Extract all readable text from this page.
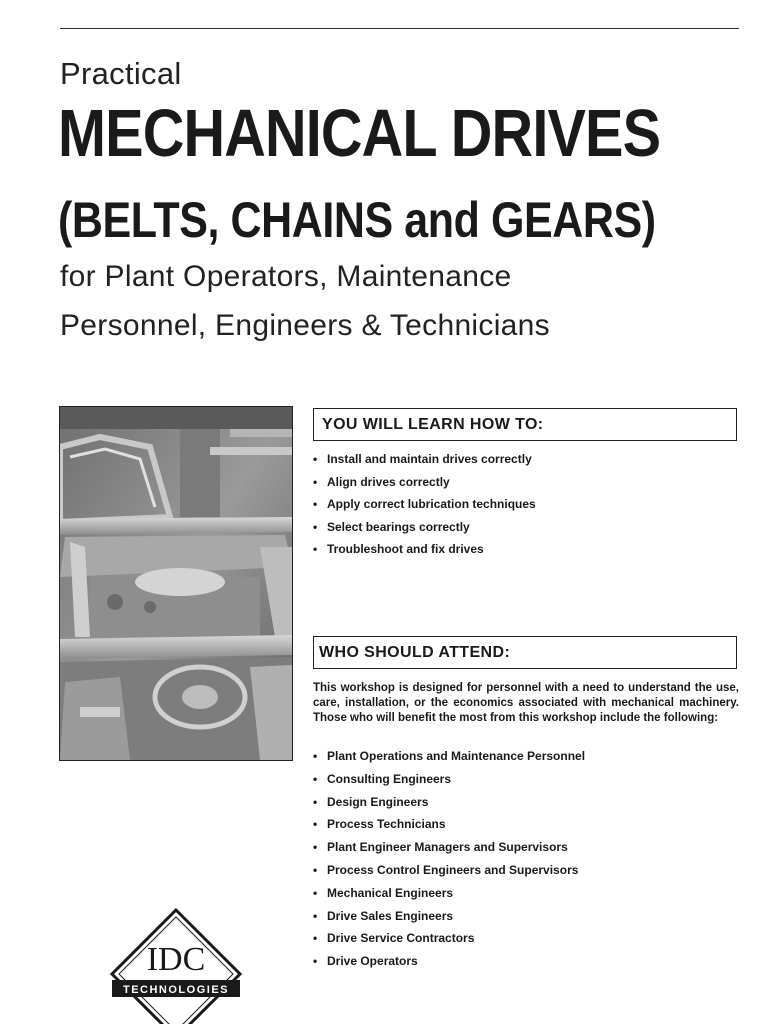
Practical
MECHANICAL DRIVES
(BELTS, CHAINS and GEARS)
for Plant Operators, Maintenance
Personnel, Engineers & Technicians
YOU WILL LEARN HOW TO:
• Install and maintain drives correctly
• Align drives correctly
• Apply correct lubrication techniques
• Select bearings correctly
• Troubleshoot and fix drives
WHO SHOULD ATTEND:

This workshop is designed for personnel with a need to understand the use, care, installation, or the economics associated with mechanical machinery. Those who will benefit the most from this workshop include the following:

• Plant Operations and Maintenance Personnel
• Consulting Engineers
• Design Engineers
• Process Technicians
• Plant Engineer Managers and Supervisors
• Process Control Engineers and Supervisors
• Mechanical Engineers
• Drive Sales Engineers
• Drive Service Contractors
• Drive Operators
IDC
TECHNOLOGIES
